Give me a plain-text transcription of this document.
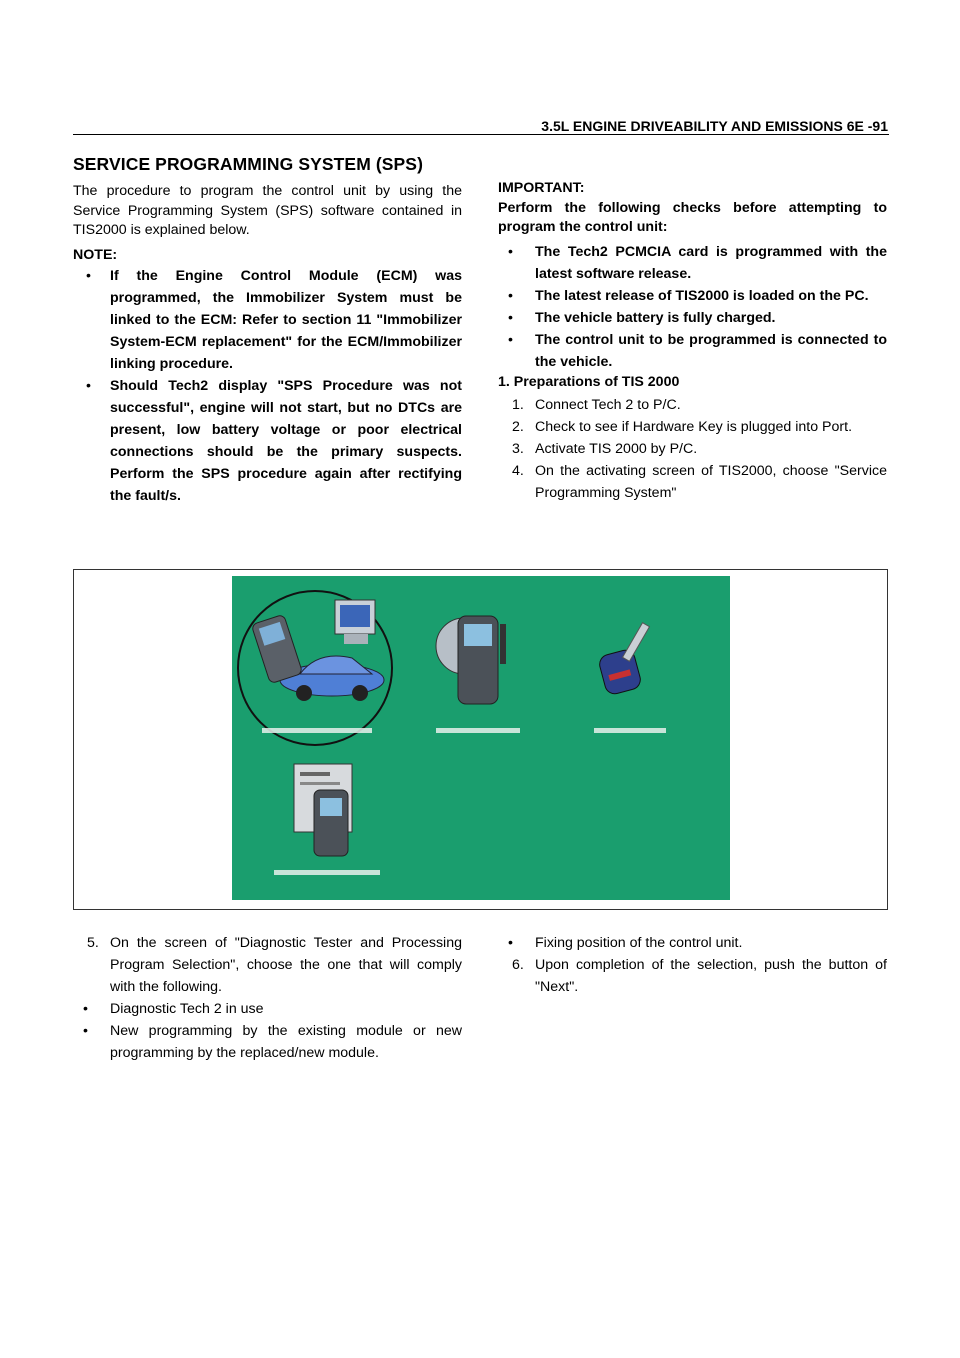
3.5L ENGINE DRIVEABILITY AND EMISSIONS 6E -91
SERVICE PROGRAMMING SYSTEM (SPS)

The procedure to program the control unit by using the Service Programming System (SPS) software contained in TIS2000 is explained below.

NOTE:

• If the Engine Control Module (ECM) was programmed, the Immobilizer System must be linked to the ECM: Refer to section 11 "Immobilizer System-ECM replacement" for the ECM/Immobilizer linking procedure.
• Should Tech2 display "SPS Procedure was not successful", engine will not start, but no DTCs are present, low battery voltage or poor electrical connections should be the primary suspects. Perform the SPS procedure again after rectifying the fault/s.

IMPORTANT:

Perform the following checks before attempting to program the control unit:

• The Tech2 PCMCIA card is programmed with the latest software release.
• The latest release of TIS2000 is loaded on the PC.
• The vehicle battery is fully charged.
• The control unit to be programmed is connected to the vehicle.

1. Preparations of TIS 2000

1. Connect Tech 2 to P/C.
2. Check to see if Hardware Key is plugged into Port.
3. Activate TIS 2000 by P/C.
4. On the activating screen of TIS2000, choose "Service Programming System"
5. On the screen of "Diagnostic Tester and Processing Program Selection", choose the one that will comply with the following.
• Diagnostic Tech 2 in use
• New programming by the existing module or new programming by the replaced/new module.
• Fixing position of the control unit.
6. Upon completion of the selection, push the button of "Next".
